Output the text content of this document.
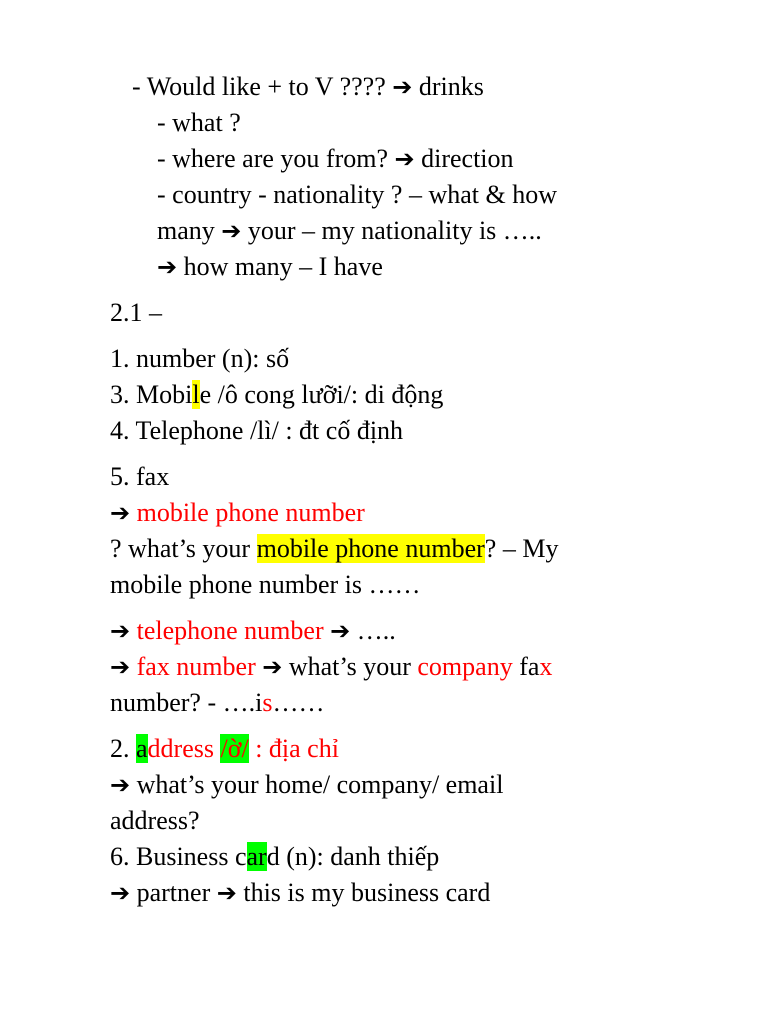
- Would like + to V ???? ➔ drinks
- what ?
- where are you from? ➔ direction
- country - nationality ? – what & how
many ➔ your – my nationality is …..
➔ how many – I have
2.1 –
1. number (n): số
3. Mobile /ô cong lưỡi/: di động
4. Telephone /lì/ : đt cố định
5. fax
➔ mobile phone number
? what’s your mobile phone number? – My
mobile phone number is ……
➔ telephone number ➔ …..
➔ fax number ➔ what’s your company fax
number? - ….is……
2. address /ờ/ : địa chỉ
➔ what’s your home/ company/ email
address?
6. Business card (n): danh thiếp
➔ partner ➔ this is my business card
